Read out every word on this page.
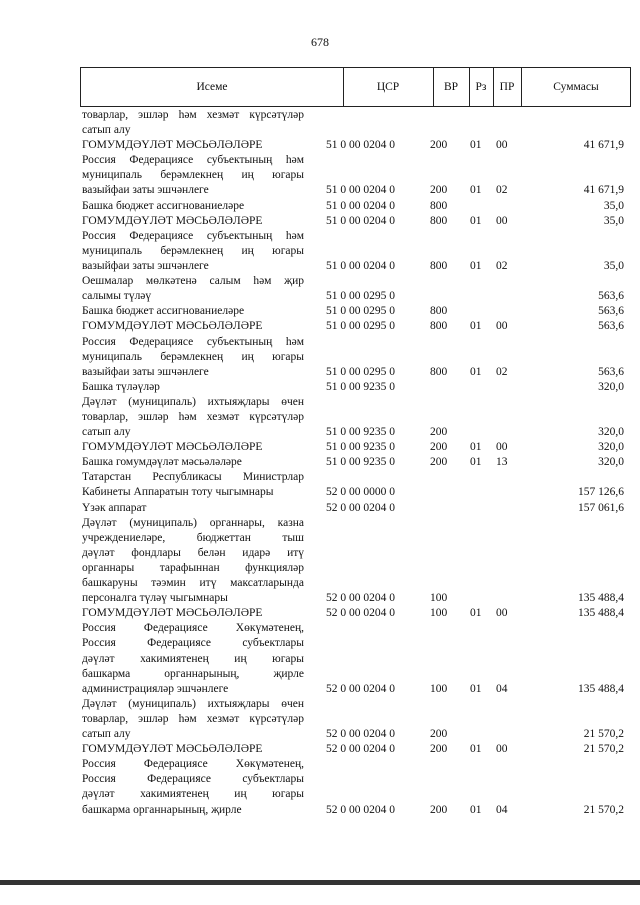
678
Исеме	ЦСР	ВР	Рз	ПР	Суммасы
товарлар, эшләр һәм хезмәт күрсәтүләр
сатып алу
ГОМУМДӘҮЛӘТ МӘСЬӘЛӘЛӘРЕ	51 0 00 0204 0	200 01 00	41 671,9
Россия Федерациясе субъектының һәм
муниципаль берәмлекнең иң югары
вазыйфаи заты эшчәнлеге	51 0 00 0204 0	200 01 02	41 671,9
Башка бюджет ассигнованиеләре	51 0 00 0204 0	800	35,0
ГОМУМДӘҮЛӘТ МӘСЬӘЛӘЛӘРЕ	51 0 00 0204 0	800 01 00	35,0
Россия Федерациясе субъектының һәм
муниципаль берәмлекнең иң югары
вазыйфаи заты эшчәнлеге	51 0 00 0204 0	800 01 02	35,0
Оешмалар мөлкәтенә салым һәм җир
салымы түләү	51 0 00 0295 0	563,6
Башка бюджет ассигнованиеләре	51 0 00 0295 0	800	563,6
ГОМУМДӘҮЛӘТ МӘСЬӘЛӘЛӘРЕ	51 0 00 0295 0	800 01 00	563,6
Россия Федерациясе субъектының һәм
муниципаль берәмлекнең иң югары
вазыйфаи заты эшчәнлеге	51 0 00 0295 0	800 01 02	563,6
Башка түләүләр	51 0 00 9235 0	320,0
Дәүләт (муниципаль) ихтыяҗлары өчен
товарлар, эшләр һәм хезмәт күрсәтүләр
сатып алу	51 0 00 9235 0	200	320,0
ГОМУМДӘҮЛӘТ МӘСЬӘЛӘЛӘРЕ	51 0 00 9235 0	200 01 00	320,0
Башка гомумдәүләт мәсьәләләре	51 0 00 9235 0	200 01 13	320,0
Татарстан Республикасы Министрлар
Кабинеты Аппаратын тоту чыгымнары	52 0 00 0000 0	157 126,6
Үзәк аппарат	52 0 00 0204 0	157 061,6
Дәүләт (муниципаль) органнары, казна
учреждениеләре, бюджеттан тыш
дәүләт фондлары белән идарә итү
органнары тарафыннан функцияләр
башкаруны тәэмин итү максатларында
персоналга түләү чыгымнары	52 0 00 0204 0	100	135 488,4
ГОМУМДӘҮЛӘТ МӘСЬӘЛӘЛӘРЕ	52 0 00 0204 0	100 01 00	135 488,4
Россия Федерациясе Хөкүмәтенең,
Россия Федерациясе субъектлары
дәүләт хакимиятенең иң югары
башкарма органнарының, җирле
администрацияләр эшчәнлеге	52 0 00 0204 0	100 01 04	135 488,4
Дәүләт (муниципаль) ихтыяҗлары өчен
товарлар, эшләр һәм хезмәт күрсәтүләр
сатып алу	52 0 00 0204 0	200	21 570,2
ГОМУМДӘҮЛӘТ МӘСЬӘЛӘЛӘРЕ	52 0 00 0204 0	200 01 00	21 570,2
Россия Федерациясе Хөкүмәтенең,
Россия Федерациясе субъектлары
дәүләт хакимиятенең иң югары
башкарма органнарының, җирле	52 0 00 0204 0	200 01 04	21 570,2
